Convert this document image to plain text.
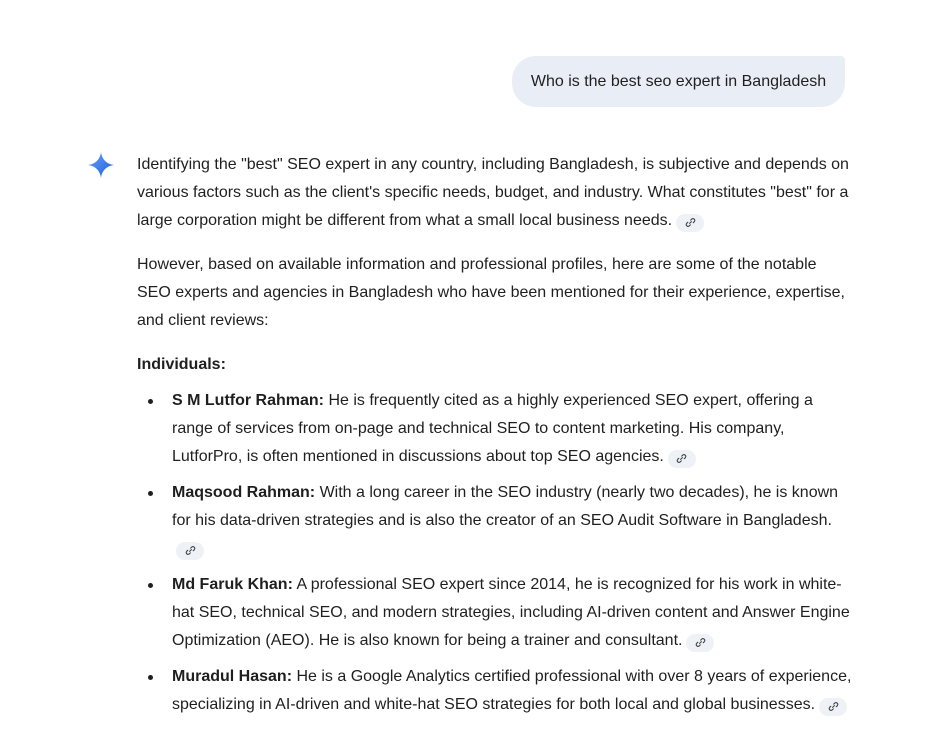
Who is the best seo expert in Bangladesh

Identifying the "best" SEO expert in any country, including Bangladesh, is subjective and depends on various factors such as the client's specific needs, budget, and industry. What constitutes "best" for a large corporation might be different from what a small local business needs.

However, based on available information and professional profiles, here are some of the notable SEO experts and agencies in Bangladesh who have been mentioned for their experience, expertise, and client reviews:

Individuals:
S M Lutfor Rahman: He is frequently cited as a highly experienced SEO expert, offering a range of services from on-page and technical SEO to content marketing. His company, LutforPro, is often mentioned in discussions about top SEO agencies.
Maqsood Rahman: With a long career in the SEO industry (nearly two decades), he is known for his data-driven strategies and is also the creator of an SEO Audit Software in Bangladesh.
Md Faruk Khan: A professional SEO expert since 2014, he is recognized for his work in white-hat SEO, technical SEO, and modern strategies, including AI-driven content and Answer Engine Optimization (AEO). He is also known for being a trainer and consultant.
Muradul Hasan: He is a Google Analytics certified professional with over 8 years of experience, specializing in AI-driven and white-hat SEO strategies for both local and global businesses.
